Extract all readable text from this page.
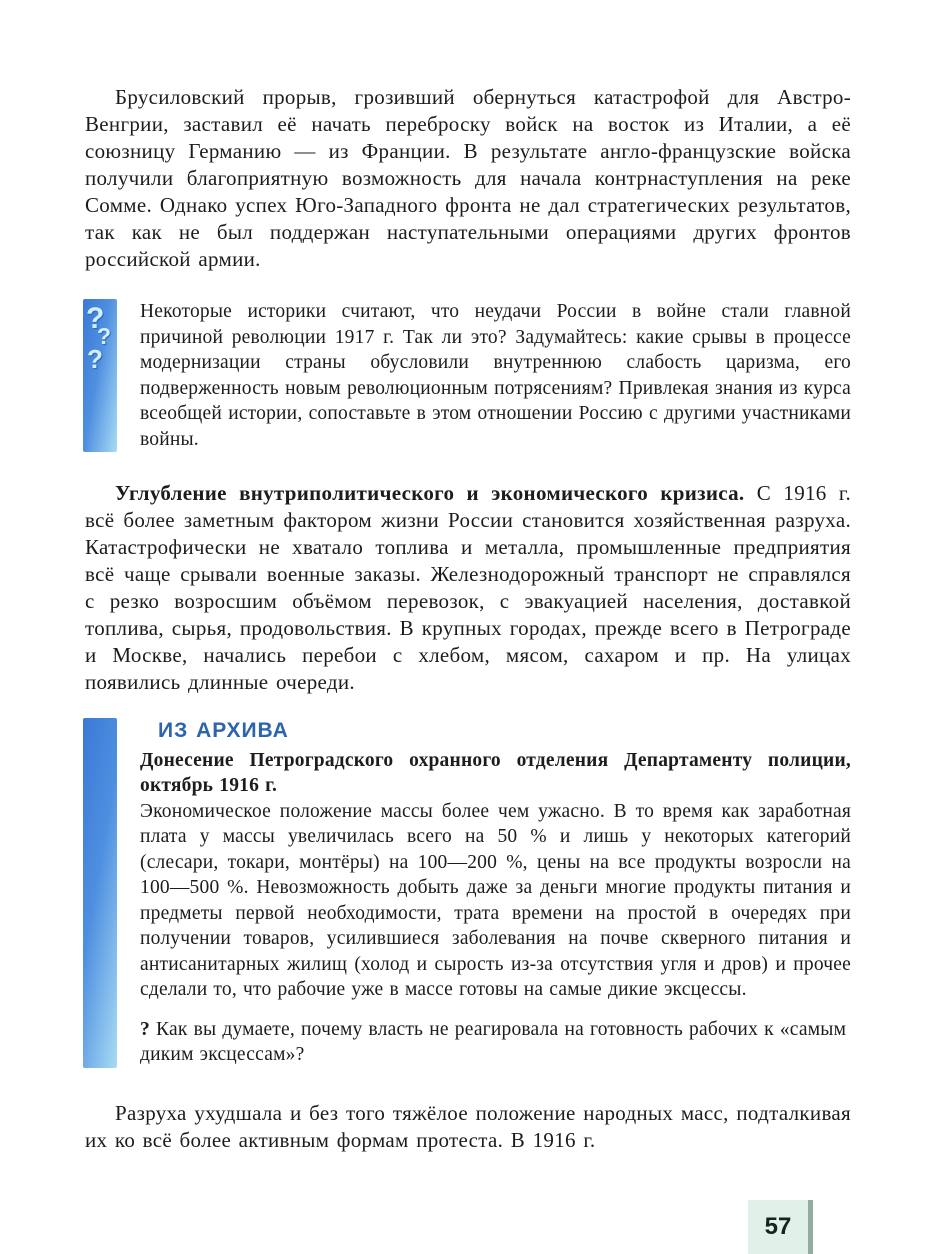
Брусиловский прорыв, грозивший обернуться катастрофой для Австро-Венгрии, заставил её начать переброску войск на восток из Италии, а её союзницу Германию — из Франции. В результате англо-французские войска получили благоприятную возможность для начала контрнаступления на реке Сомме. Однако успех Юго-Западного фронта не дал стратегических результатов, так как не был поддержан наступательными операциями других фронтов российской армии.

?
?
?
Некоторые историки считают, что неудачи России в войне стали главной причиной революции 1917 г. Так ли это? Задумайтесь: какие срывы в процессе модернизации страны обусловили внутреннюю слабость царизма, его подверженность новым революционным потрясениям? Привлекая знания из курса всеобщей истории, сопоставьте в этом отношении Россию с другими участниками войны.

Углубление внутриполитического и экономического кризиса. С 1916 г. всё более заметным фактором жизни России становится хозяйственная разруха. Катастрофически не хватало топлива и металла, промышленные предприятия всё чаще срывали военные заказы. Железнодорожный транспорт не справлялся с резко возросшим объёмом перевозок, с эвакуацией населения, доставкой топлива, сырья, продовольствия. В крупных городах, прежде всего в Петрограде и Москве, начались перебои с хлебом, мясом, сахаром и пр. На улицах появились длинные очереди.

ИЗ АРХИВА

Донесение Петроградского охранного отделения Департаменту полиции, октябрь 1916 г.

Экономическое положение массы более чем ужасно. В то время как заработная плата у массы увеличилась всего на 50 % и лишь у некоторых категорий (слесари, токари, монтёры) на 100—200 %, цены на все продукты возросли на 100—500 %. Невозможность добыть даже за деньги многие продукты питания и предметы первой необходимости, трата времени на простой в очередях при получении товаров, усилившиеся заболевания на почве скверного питания и антисанитарных жилищ (холод и сырость из-за отсутствия угля и дров) и прочее сделали то, что рабочие уже в массе готовы на самые дикие эксцессы.

? Как вы думаете, почему власть не реагировала на готовность рабочих к «самым диким эксцессам»?

Разруха ухудшала и без того тяжёлое положение народных масс, подталкивая их ко всё более активным формам протеста. В 1916 г.

57
